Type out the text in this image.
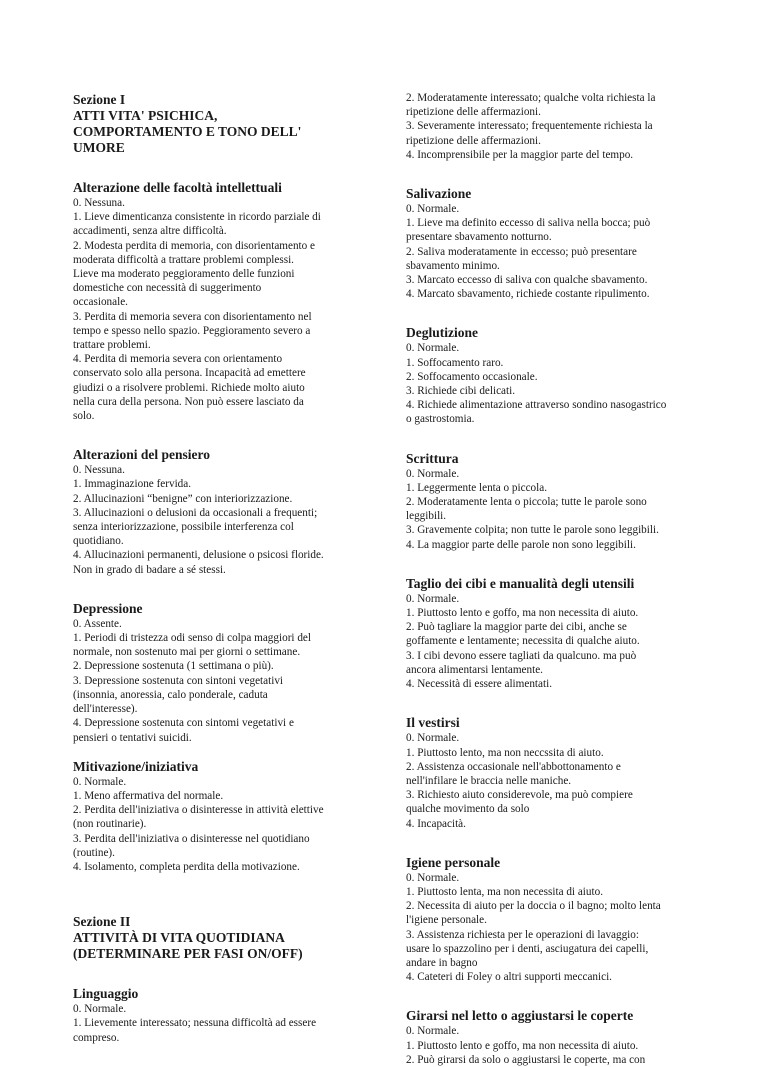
Sezione I
ATTI VITA' PSICHICA,
COMPORTAMENTO E TONO DELL'
UMORE
Alterazione delle facoltà intellettuali
0. Nessuna.
1. Lieve dimenticanza consistente in ricordo parziale di
accadimenti, senza altre difficoltà.
2. Modesta perdita di memoria, con disorientamento e
moderata difficoltà a trattare problemi complessi.
Lieve ma moderato peggioramento delle funzioni
domestiche con necessità di suggerimento
occasionale.
3. Perdita di memoria severa con disorientamento nel
tempo e spesso nello spazio. Peggioramento severo a
trattare problemi.
4. Perdita di memoria severa con orientamento
conservato solo alla persona. Incapacità ad emettere
giudizi o a risolvere problemi. Richiede molto aiuto
nella cura della persona. Non può essere lasciato da
solo.
Alterazioni del pensiero
0. Nessuna.
1. Immaginazione fervida.
2. Allucinazioni “benigne” con interiorizzazione.
3. Allucinazioni o delusioni da occasionali a frequenti;
senza interiorizzazione, possibile interferenza col
quotidiano.
4. Allucinazioni permanenti, delusione o psicosi floride.
Non in grado di badare a sé stessi.
Depressione
0. Assente.
1. Periodi di tristezza odi senso di colpa maggiori del
normale, non sostenuto mai per giorni o settimane.
2. Depressione sostenuta (1 settimana o più).
3. Depressione sostenuta con sintoni vegetativi
(insonnia, anoressia, calo ponderale, caduta
dell'interesse).
4. Depressione sostenuta con sintomi vegetativi e
pensieri o tentativi suicidi.
Mitivazione/iniziativa
0. Normale.
1. Meno affermativa del normale.
2. Perdita dell'iniziativa o disinteresse in attività elettive
(non routinarie).
3. Perdita dell'iniziativa o disinteresse nel quotidiano
(routine).
4. Isolamento, completa perdita della motivazione.
Sezione II
ATTIVITÀ DI VITA QUOTIDIANA
(DETERMINARE PER FASI ON/OFF)
Linguaggio
0. Normale.
1. Lievemente interessato; nessuna difficoltà ad essere
compreso.
2. Moderatamente interessato; qualche volta richiesta la
ripetizione delle affermazioni.
3. Severamente interessato; frequentemente richiesta la
ripetizione delle affermazioni.
4. Incomprensibile per la maggior parte del tempo.
Salivazione
0. Normale.
1. Lieve ma definito eccesso di saliva nella bocca; può
presentare sbavamento notturno.
2. Saliva moderatamente in eccesso; può presentare
sbavamento minimo.
3. Marcato eccesso di saliva con qualche sbavamento.
4. Marcato sbavamento, richiede costante ripulimento.
Deglutizione
0. Normale.
1. Soffocamento raro.
2. Soffocamento occasionale.
3. Richiede cibi delicati.
4. Richiede alimentazione attraverso sondino nasogastrico
o gastrostomia.
Scrittura
0. Normale.
1. Leggermente lenta o piccola.
2. Moderatamente lenta o piccola; tutte le parole sono
leggibili.
3. Gravemente colpita; non tutte le parole sono leggibili.
4. La maggior parte delle parole non sono leggibili.
Taglio dei cibi e manualità degli utensili
0. Normale.
1. Piuttosto lento e goffo, ma non necessita di aiuto.
2. Può tagliare la maggior parte dei cibi, anche se
goffamente e lentamente; necessita di qualche aiuto.
3. I cibi devono essere tagliati da qualcuno. ma può
ancora alimentarsi lentamente.
4. Necessità di essere alimentati.
Il vestirsi
0. Normale.
1. Piuttosto lento, ma non neccssita di aiuto.
2. Assistenza occasionale nell'abbottonamento e
nell'infilare le braccia nelle maniche.
3. Richiesto aiuto considerevole, ma può compiere
qualche movimento da solo
4. Incapacità.
Igiene personale
0. Normale.
1. Piuttosto lenta, ma non necessita di aiuto.
2. Necessita di aiuto per la doccia o il bagno; molto lenta
l'igiene personale.
3. Assistenza richiesta per le operazioni di lavaggio:
usare lo spazzolino per i denti, asciugatura dei capelli,
andare in bagno
4. Cateteri di Foley o altri supporti meccanici.
Girarsi nel letto o aggiustarsi le coperte
0. Normale.
1. Piuttosto lento e goffo, ma non necessita di aiuto.
2. Può girarsi da solo o aggiustarsi le coperte, ma con
